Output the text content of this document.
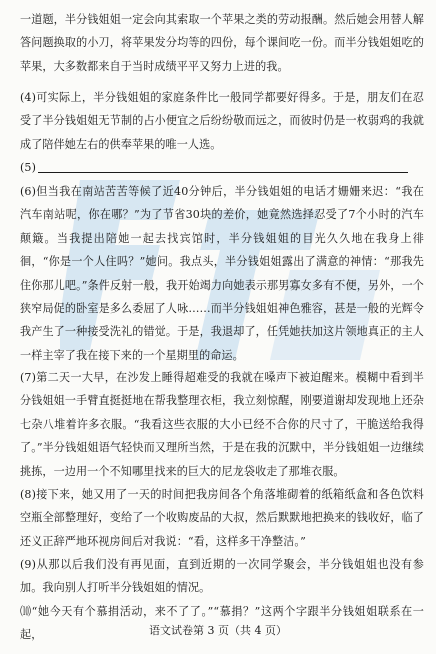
一道题，半分钱姐姐一定会向其索取一个苹果之类的劳动报酬。然后她会用替人解答问题换取的小刀，将苹果发分均等的四份，每个课间吃一份。而半分钱姐姐吃的苹果，大多数都来自于当时成绩平平又努力上进的我。

(4)可实际上，半分钱姐姐的家庭条件比一般同学都要好得多。于是，朋友们在忍受了半分钱姐姐无节制的占小便宜之后纷纷敬而远之，而彼时仍是一枚弱鸡的我就成了陪伴她左右的供奉苹果的唯一人选。

(5)

(6)但当我在南站苦苦等候了近40分钟后，半分钱姐姐的电话才姗姗来迟：“我在汽车南站呢，你在哪？”为了节省30块的差价，她竟然选择忍受了7个小时的汽车颠簸。当我提出陪她一起去找宾馆时，半分钱姐姐的目光久久地在我身上徘徊，“你是一个人住吗？”她问。我点头，半分钱姐姐露出了满意的神情：“那我先住你那儿吧。”条件反射一般，我开始竭力向她表示那男寡女多有不便，另外，一个狭窄局促的卧室是多么委屈了人咏……而半分钱姐姐神色雅容，甚是一般的光辉令我产生了一种接受洗礼的错觉。于是，我退却了，任凭她扶加这片领地真正的主人一样主宰了我在接下来的一个星期里的命运。

(7)第二天一大早，在沙发上睡得超难受的我就在嗓声下被迫醒来。模糊中看到半分钱姐姐一手臂直挺挺地在帮我整理衣柜，我立刻惊醒，刚要道谢却发现地上还杂七杂八堆着许多衣服。“我看这些衣服的大小已经不合你的尺寸了，干脆送给我得了。”半分钱姐姐语气轻快而又理所当然，于是在我的沉默中，半分钱姐姐一边继续挑拣，一边用一个不知哪里找来的巨大的尼龙袋收走了那堆衣服。

(8)接下来，她又用了一天的时间把我房间各个角落堆砌着的纸箱纸盒和各色饮料空瓶全部整理好，变给了一个收购废品的大叔，然后默默地把换来的钱收好，临了还义正辞严地环视房间后对我说：“看，这样多干净整洁。”

(9)从那以后我们没有再见面，直到近期的一次同学聚会，半分钱姐姐也没有参加。我向别人打听半分钱姐姐的情况。

⑽“她今天有个慕捐活动，来不了了。”“慕捐？”这两个字跟半分钱姐姐联系在一起，	语文试卷第 3 页（共 4 页）
